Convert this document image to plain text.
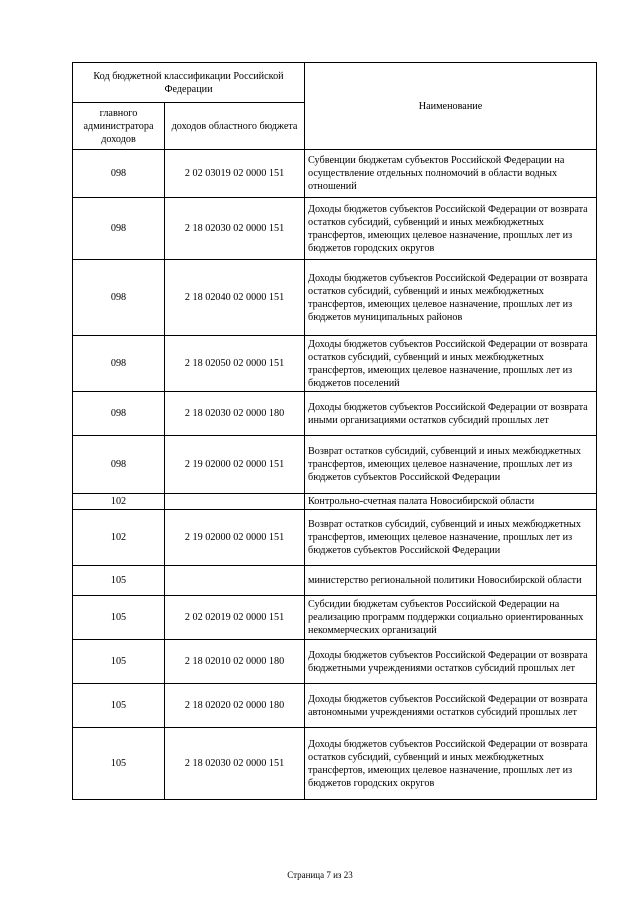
Код бюджетной классификации Российской Федерации		Наименование
главного администратора доходов	доходов областного бюджета	
098	2 02 03019 02 0000 151	Субвенции бюджетам субъектов Российской Федерации на осуществление отдельных полномочий в области водных отношений
098	2 18 02030 02 0000 151	Доходы бюджетов субъектов Российской Федерации от возврата остатков субсидий, субвенций и иных межбюджетных трансфертов, имеющих целевое назначение, прошлых лет из бюджетов городских округов
098	2 18 02040 02 0000 151	Доходы бюджетов субъектов Российской Федерации от возврата остатков субсидий, субвенций и иных межбюджетных трансфертов, имеющих целевое назначение, прошлых лет из бюджетов муниципальных районов
098	2 18 02050 02 0000 151	Доходы бюджетов субъектов Российской Федерации от возврата остатков субсидий, субвенций и иных межбюджетных трансфертов, имеющих целевое назначение, прошлых лет из бюджетов поселений
098	2 18 02030 02 0000 180	Доходы бюджетов субъектов Российской Федерации от возврата иными организациями остатков субсидий прошлых лет
098	2 19 02000 02 0000 151	Возврат остатков субсидий, субвенций и иных межбюджетных трансфертов, имеющих целевое назначение, прошлых лет из бюджетов субъектов Российской Федерации
102		Контрольно-счетная палата Новосибирской области
102	2 19 02000 02 0000 151	Возврат остатков субсидий, субвенций и иных межбюджетных трансфертов, имеющих целевое назначение, прошлых лет из бюджетов субъектов Российской Федерации
105		министерство региональной политики Новосибирской области
105	2 02 02019 02 0000 151	Субсидии бюджетам субъектов Российской Федерации на реализацию программ поддержки социально ориентированных некоммерческих организаций
105	2 18 02010 02 0000 180	Доходы бюджетов субъектов Российской Федерации от возврата бюджетными учреждениями остатков субсидий прошлых лет
105	2 18 02020 02 0000 180	Доходы бюджетов субъектов Российской Федерации от возврата автономными учреждениями остатков субсидий прошлых лет
105	2 18 02030 02 0000 151	Доходы бюджетов субъектов Российской Федерации от возврата остатков субсидий, субвенций и иных межбюджетных трансфертов, имеющих целевое назначение, прошлых лет из бюджетов городских округов
Страница 7 из 23
